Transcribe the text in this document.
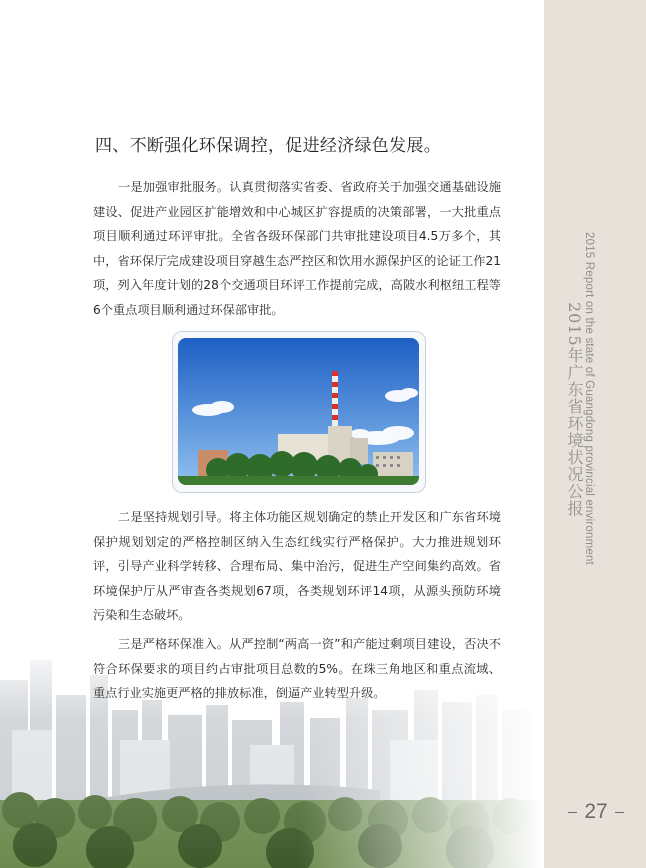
2015 Report on the state of Guangdong provincial environment
2015年广东省环境状况公报
27
四、不断强化环保调控，促进经济绿色发展。

一是加强审批服务。认真贯彻落实省委、省政府关于加强交通基础设施建设、促进产业园区扩能增效和中心城区扩容提质的决策部署，一大批重点项目顺利通过环评审批。全省各级环保部门共审批建设项目4.5万多个，其中，省环保厅完成建设项目穿越生态严控区和饮用水源保护区的论证工作21项，列入年度计划的28个交通项目环评工作提前完成，高陂水利枢纽工程等6个重点项目顺利通过环保部审批。

二是坚持规划引导。将主体功能区规划确定的禁止开发区和广东省环境保护规划划定的严格控制区纳入生态红线实行严格保护。大力推进规划环评，引导产业科学转移、合理布局、集中治污，促进生产空间集约高效。省环境保护厅从严审查各类规划67项，各类规划环评14项，从源头预防环境污染和生态破坏。

三是严格环保准入。从严控制“两高一资”和产能过剩项目建设，否决不符合环保要求的项目约占审批项目总数的5%。在珠三角地区和重点流域、重点行业实施更严格的排放标准，倒逼产业转型升级。
